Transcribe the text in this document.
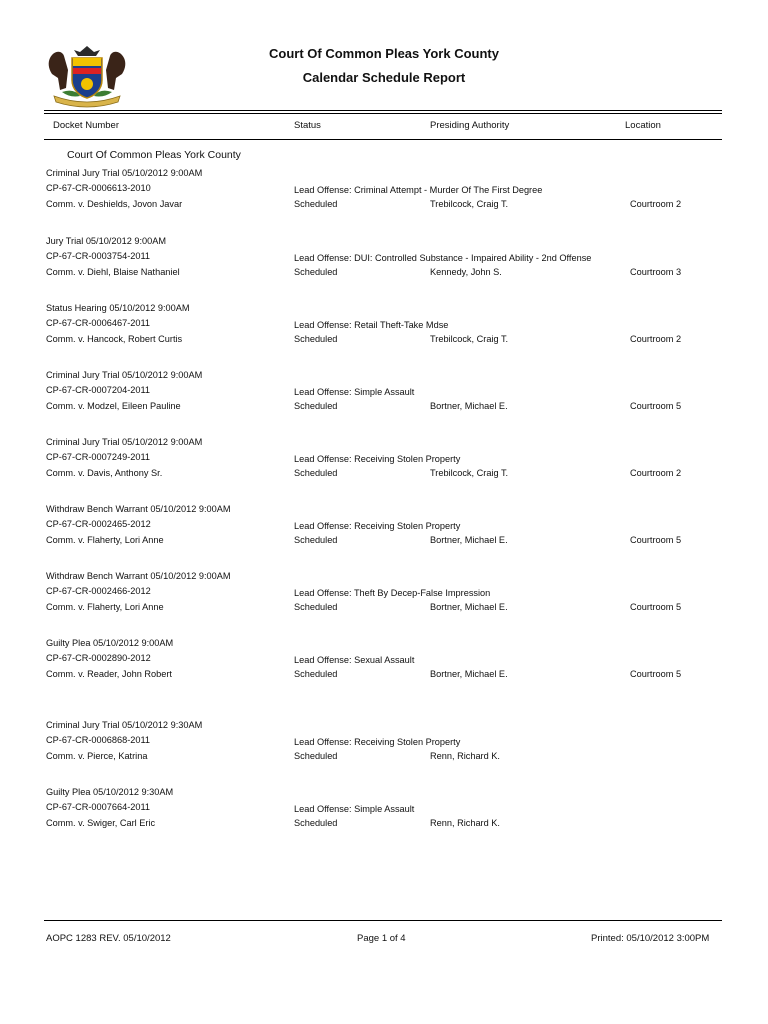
Court Of Common Pleas York County
Calendar Schedule Report
Docket Number	Status	Presiding Authority	Location
Court Of Common Pleas York County
Criminal Jury Trial 05/10/2012 9:00AM
CP-67-CR-0006613-2010
Comm. v. Deshields, Jovon Javar
Lead Offense: Criminal Attempt - Murder Of The First Degree
Scheduled	Trebilcock, Craig T.	Courtroom 2
Jury Trial 05/10/2012 9:00AM
CP-67-CR-0003754-2011
Comm. v. Diehl, Blaise Nathaniel
Lead Offense: DUI: Controlled Substance - Impaired Ability - 2nd Offense
Scheduled	Kennedy, John S.	Courtroom 3
Status Hearing 05/10/2012 9:00AM
CP-67-CR-0006467-2011
Comm. v. Hancock, Robert Curtis
Lead Offense: Retail Theft-Take Mdse
Scheduled	Trebilcock, Craig T.	Courtroom 2
Criminal Jury Trial 05/10/2012 9:00AM
CP-67-CR-0007204-2011
Comm. v. Modzel, Eileen Pauline
Lead Offense: Simple Assault
Scheduled	Bortner, Michael E.	Courtroom 5
Criminal Jury Trial 05/10/2012 9:00AM
CP-67-CR-0007249-2011
Comm. v. Davis, Anthony Sr.
Lead Offense: Receiving Stolen Property
Scheduled	Trebilcock, Craig T.	Courtroom 2
Withdraw Bench Warrant 05/10/2012 9:00AM
CP-67-CR-0002465-2012
Comm. v. Flaherty, Lori Anne
Lead Offense: Receiving Stolen Property
Scheduled	Bortner, Michael E.	Courtroom 5
Withdraw Bench Warrant 05/10/2012 9:00AM
CP-67-CR-0002466-2012
Comm. v. Flaherty, Lori Anne
Lead Offense: Theft By Decep-False Impression
Scheduled	Bortner, Michael E.	Courtroom 5
Guilty Plea 05/10/2012 9:00AM
CP-67-CR-0002890-2012
Comm. v. Reader, John Robert
Lead Offense: Sexual Assault
Scheduled	Bortner, Michael E.	Courtroom 5
Criminal Jury Trial 05/10/2012 9:30AM
CP-67-CR-0006868-2011
Comm. v. Pierce, Katrina
Lead Offense: Receiving Stolen Property
Scheduled	Renn, Richard K.
Guilty Plea 05/10/2012 9:30AM
CP-67-CR-0007664-2011
Comm. v. Swiger, Carl Eric
Lead Offense: Simple Assault
Scheduled	Renn, Richard K.
AOPC 1283 REV. 05/10/2012	Page 1 of 4	Printed: 05/10/2012 3:00PM
